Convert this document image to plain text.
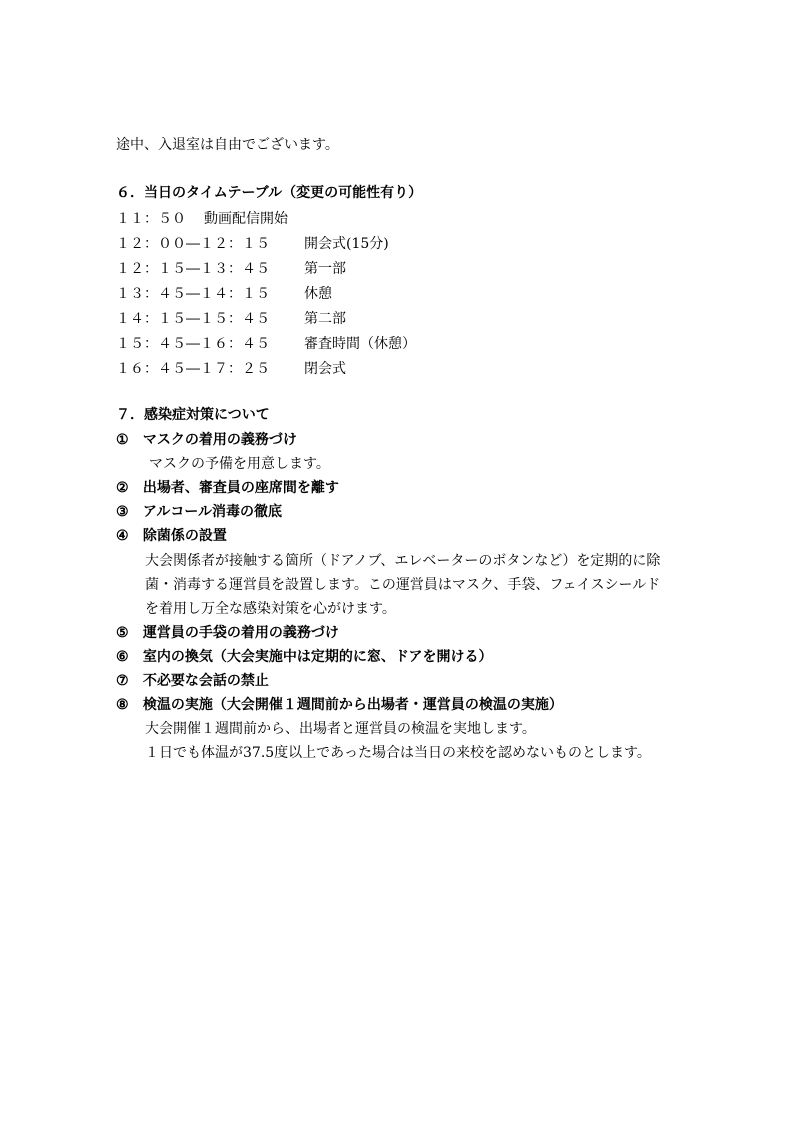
途中、入退室は自由でございます。
６．当日のタイムテーブル（変更の可能性有り）
１１：５０ 動画配信開始
１２：００―１２：１５ 開会式(15分)
１２：１５―１３：４５ 第一部
１３：４５―１４：１５ 休憩
１４：１５―１５：４５ 第二部
１５：４５―１６：４５ 審査時間（休憩）
１６：４５―１７：２５ 閉会式
７．感染症対策について
① マスクの着用の義務づけ
マスクの予備を用意します。
② 出場者、審査員の座席間を離す
③ アルコール消毒の徹底
④ 除菌係の設置
大会関係者が接触する箇所（ドアノブ、エレベーターのボタンなど）を定期的に除
菌・消毒する運営員を設置します。この運営員はマスク、手袋、フェイスシールド
を着用し万全な感染対策を心がけます。
⑤ 運営員の手袋の着用の義務づけ
⑥ 室内の換気（大会実施中は定期的に窓、ドアを開ける）
⑦ 不必要な会話の禁止
⑧ 検温の実施（大会開催１週間前から出場者・運営員の検温の実施）
大会開催１週間前から、出場者と運営員の検温を実地します。
１日でも体温が37.5度以上であった場合は当日の来校を認めないものとします。
